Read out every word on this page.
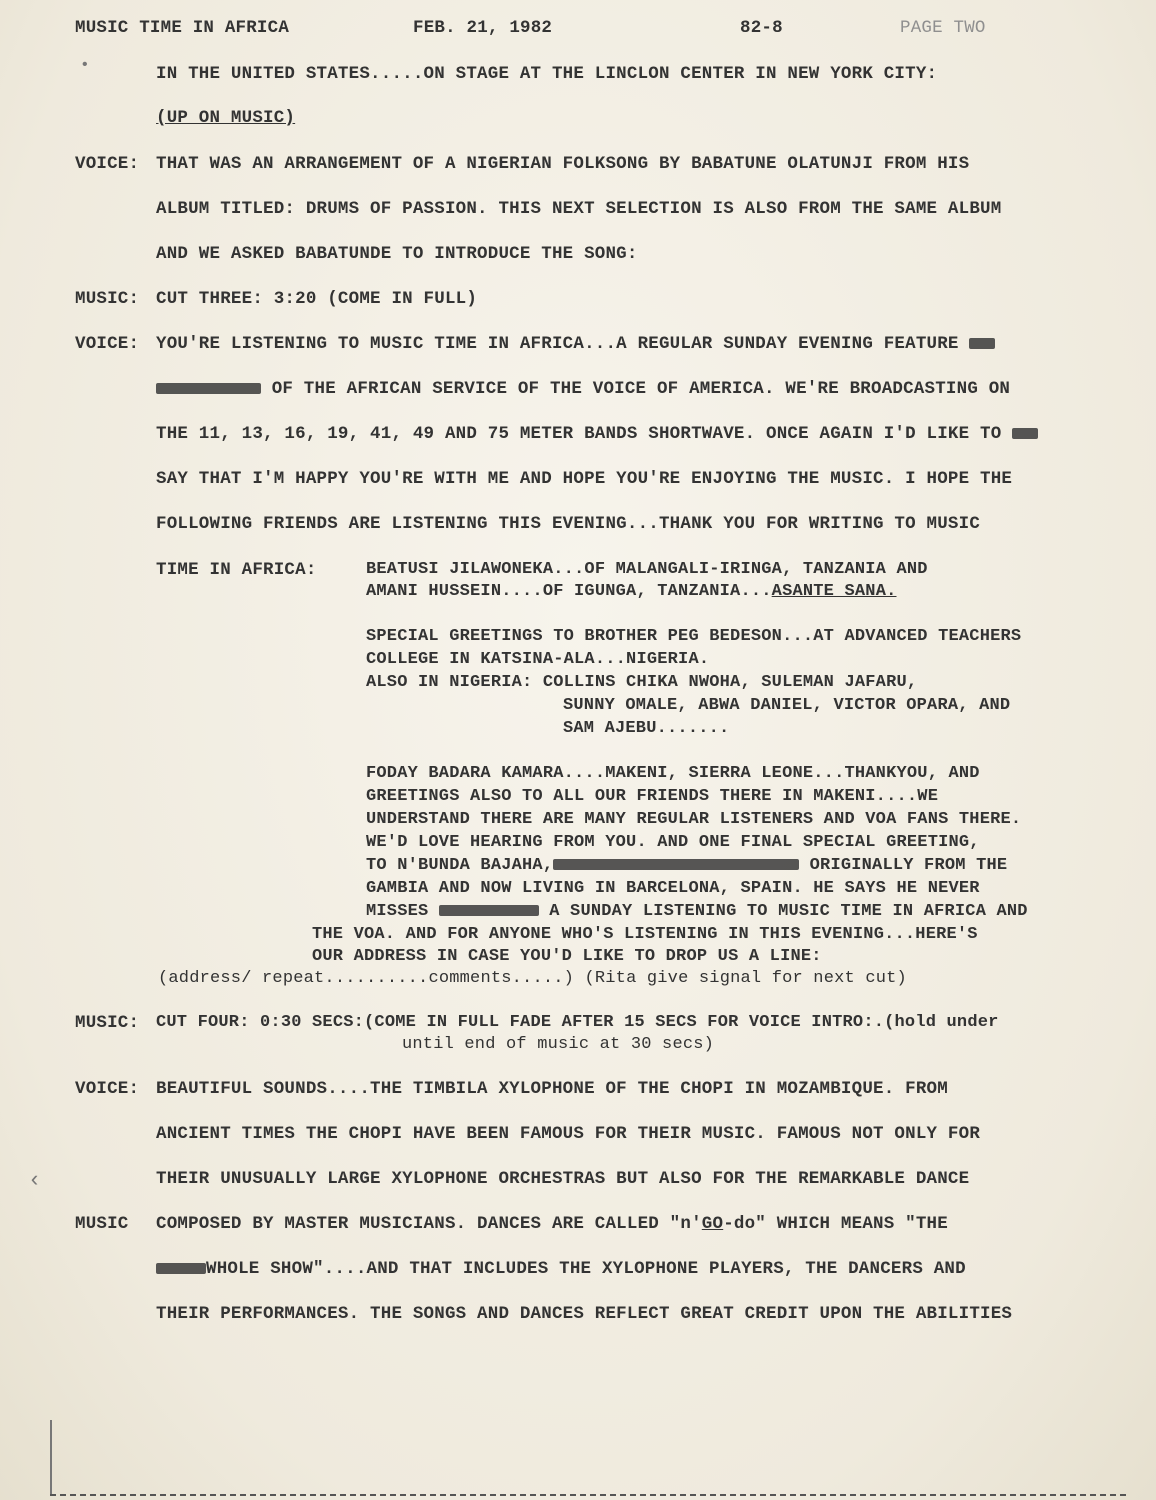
MUSIC TIME IN AFRICA	FEB. 21, 1982	82-8	PAGE TWO
IN THE UNITED STATES.....ON STAGE AT THE LINCLON CENTER IN NEW YORK CITY:
(UP ON MUSIC)
VOICE: THAT WAS AN ARRANGEMENT OF A NIGERIAN FOLKSONG BY BABATUNE OLATUNJI FROM HIS
ALBUM TITLED: DRUMS OF PASSION. THIS NEXT SELECTION IS ALSO FROM THE SAME ALBUM
AND WE ASKED BABATUNDE TO INTRODUCE THE SONG:
MUSIC: CUT THREE: 3:20 (COME IN FULL)
VOICE: YOU'RE LISTENING TO MUSIC TIME IN AFRICA...A REGULAR SUNDAY EVENING FEATURE
OF THE AFRICAN SERVICE OF THE VOICE OF AMERICA. WE'RE BROADCASTING ON
THE 11, 13, 16, 19, 41, 49 AND 75 METER BANDS SHORTWAVE. ONCE AGAIN I'D LIKE TO
SAY THAT I'M HAPPY YOU'RE WITH ME AND HOPE YOU'RE ENJOYING THE MUSIC. I HOPE THE
FOLLOWING FRIENDS ARE LISTENING THIS EVENING...THANK YOU FOR WRITING TO MUSIC
TIME IN AFRICA:	BEATUSI JILAWONEKA...OF MALANGALI-IRINGA, TANZANIA AND
AMANI HUSSEIN....OF IGUNGA, TANZANIA...ASANTE SANA.
SPECIAL GREETINGS TO BROTHER PEG BEDESON...AT ADVANCED TEACHERS
COLLEGE IN KATSINA-ALA...NIGERIA.
ALSO IN NIGERIA: COLLINS CHIKA NWOHA, SULEMAN JAFARU,
SUNNY OMALE, ABWA DANIEL, VICTOR OPARA, AND
SAM AJEBU.......
FODAY BADARA KAMARA....MAKENI, SIERRA LEONE...THANKYOU, AND
GREETINGS ALSO TO ALL OUR FRIENDS THERE IN MAKENI....WE
UNDERSTAND THERE ARE MANY REGULAR LISTENERS AND VOA FANS THERE.
WE'D LOVE HEARING FROM YOU. AND ONE FINAL SPECIAL GREETING,
TO N'BUNDA BAJAHA,	ORIGINALLY FROM THE
GAMBIA AND NOW LIVING IN BARCELONA, SPAIN. HE SAYS HE NEVER
MISSES	A SUNDAY LISTENING TO MUSIC TIME IN AFRICA AND
THE VOA. AND FOR ANYONE WHO'S LISTENING IN THIS EVENING...HERE'S
OUR ADDRESS IN CASE YOU'D LIKE TO DROP US A LINE:
(address/ repeat..........comments.....) (Rita give signal for next cut)
MUSIC: CUT FOUR: 0:30 SECS:(COME IN FULL FADE AFTER 15 SECS FOR VOICE INTRO:.(hold under
until end of music at 30 secs)
VOICE: BEAUTIFUL SOUNDS....THE TIMBILA XYLOPHONE OF THE CHOPI IN MOZAMBIQUE. FROM
ANCIENT TIMES THE CHOPI HAVE BEEN FAMOUS FOR THEIR MUSIC. FAMOUS NOT ONLY FOR
THEIR UNUSUALLY LARGE XYLOPHONE ORCHESTRAS BUT ALSO FOR THE REMARKABLE DANCE
MUSIC COMPOSED BY MASTER MUSICIANS. DANCES ARE CALLED "n'GO-do" WHICH MEANS "THE
WHOLE SHOW"....AND THAT INCLUDES THE XYLOPHONE PLAYERS, THE DANCERS AND
THEIR PERFORMANCES. THE SONGS AND DANCES REFLECT GREAT CREDIT UPON THE ABILITIES
‹
•
